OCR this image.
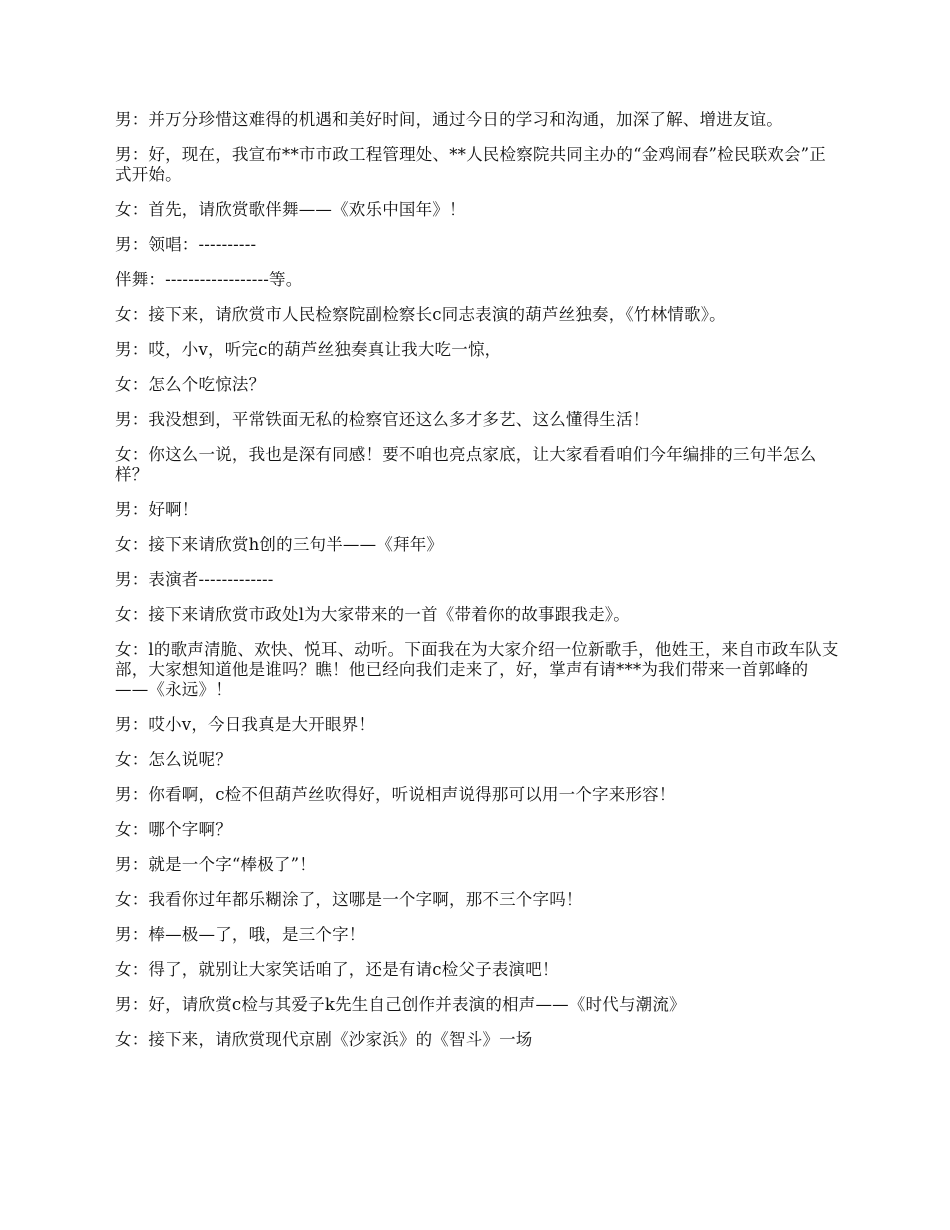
男：并万分珍惜这难得的机遇和美好时间，通过今日的学习和沟通，加深了解、增进友谊。

男：好，现在，我宣布**市市政工程管理处、**人民检察院共同主办的“金鸡闹春”检民联欢会”正式开始。

女：首先，请欣赏歌伴舞——《欢乐中国年》！

男：领唱：----------

伴舞：------------------等。

女：接下来，请欣赏市人民检察院副检察长c同志表演的葫芦丝独奏，《竹林情歌》。

男：哎，小v，听完c的葫芦丝独奏真让我大吃一惊，

女：怎么个吃惊法？

男：我没想到，平常铁面无私的检察官还这么多才多艺、这么懂得生活！

女：你这么一说，我也是深有同感！要不咱也亮点家底，让大家看看咱们今年编排的三句半怎么样？

男：好啊！

女：接下来请欣赏h创的三句半——《拜年》

男：表演者-------------

女：接下来请欣赏市政处l为大家带来的一首《带着你的故事跟我走》。

女：l的歌声清脆、欢快、悦耳、动听。下面我在为大家介绍一位新歌手，他姓王，来自市政车队支部，大家想知道他是谁吗？瞧！他已经向我们走来了，好，掌声有请***为我们带来一首郭峰的——《永远》！

男：哎小v，今日我真是大开眼界！

女：怎么说呢？

男：你看啊，c检不但葫芦丝吹得好，听说相声说得那可以用一个字来形容！

女：哪个字啊？

男：就是一个字“棒极了”！

女：我看你过年都乐糊涂了，这哪是一个字啊，那不三个字吗！

男：棒—极—了，哦，是三个字！

女：得了，就别让大家笑话咱了，还是有请c检父子表演吧！

男：好，请欣赏c检与其爱子k先生自己创作并表演的相声——《时代与潮流》

女：接下来，请欣赏现代京剧《沙家浜》的《智斗》一场
